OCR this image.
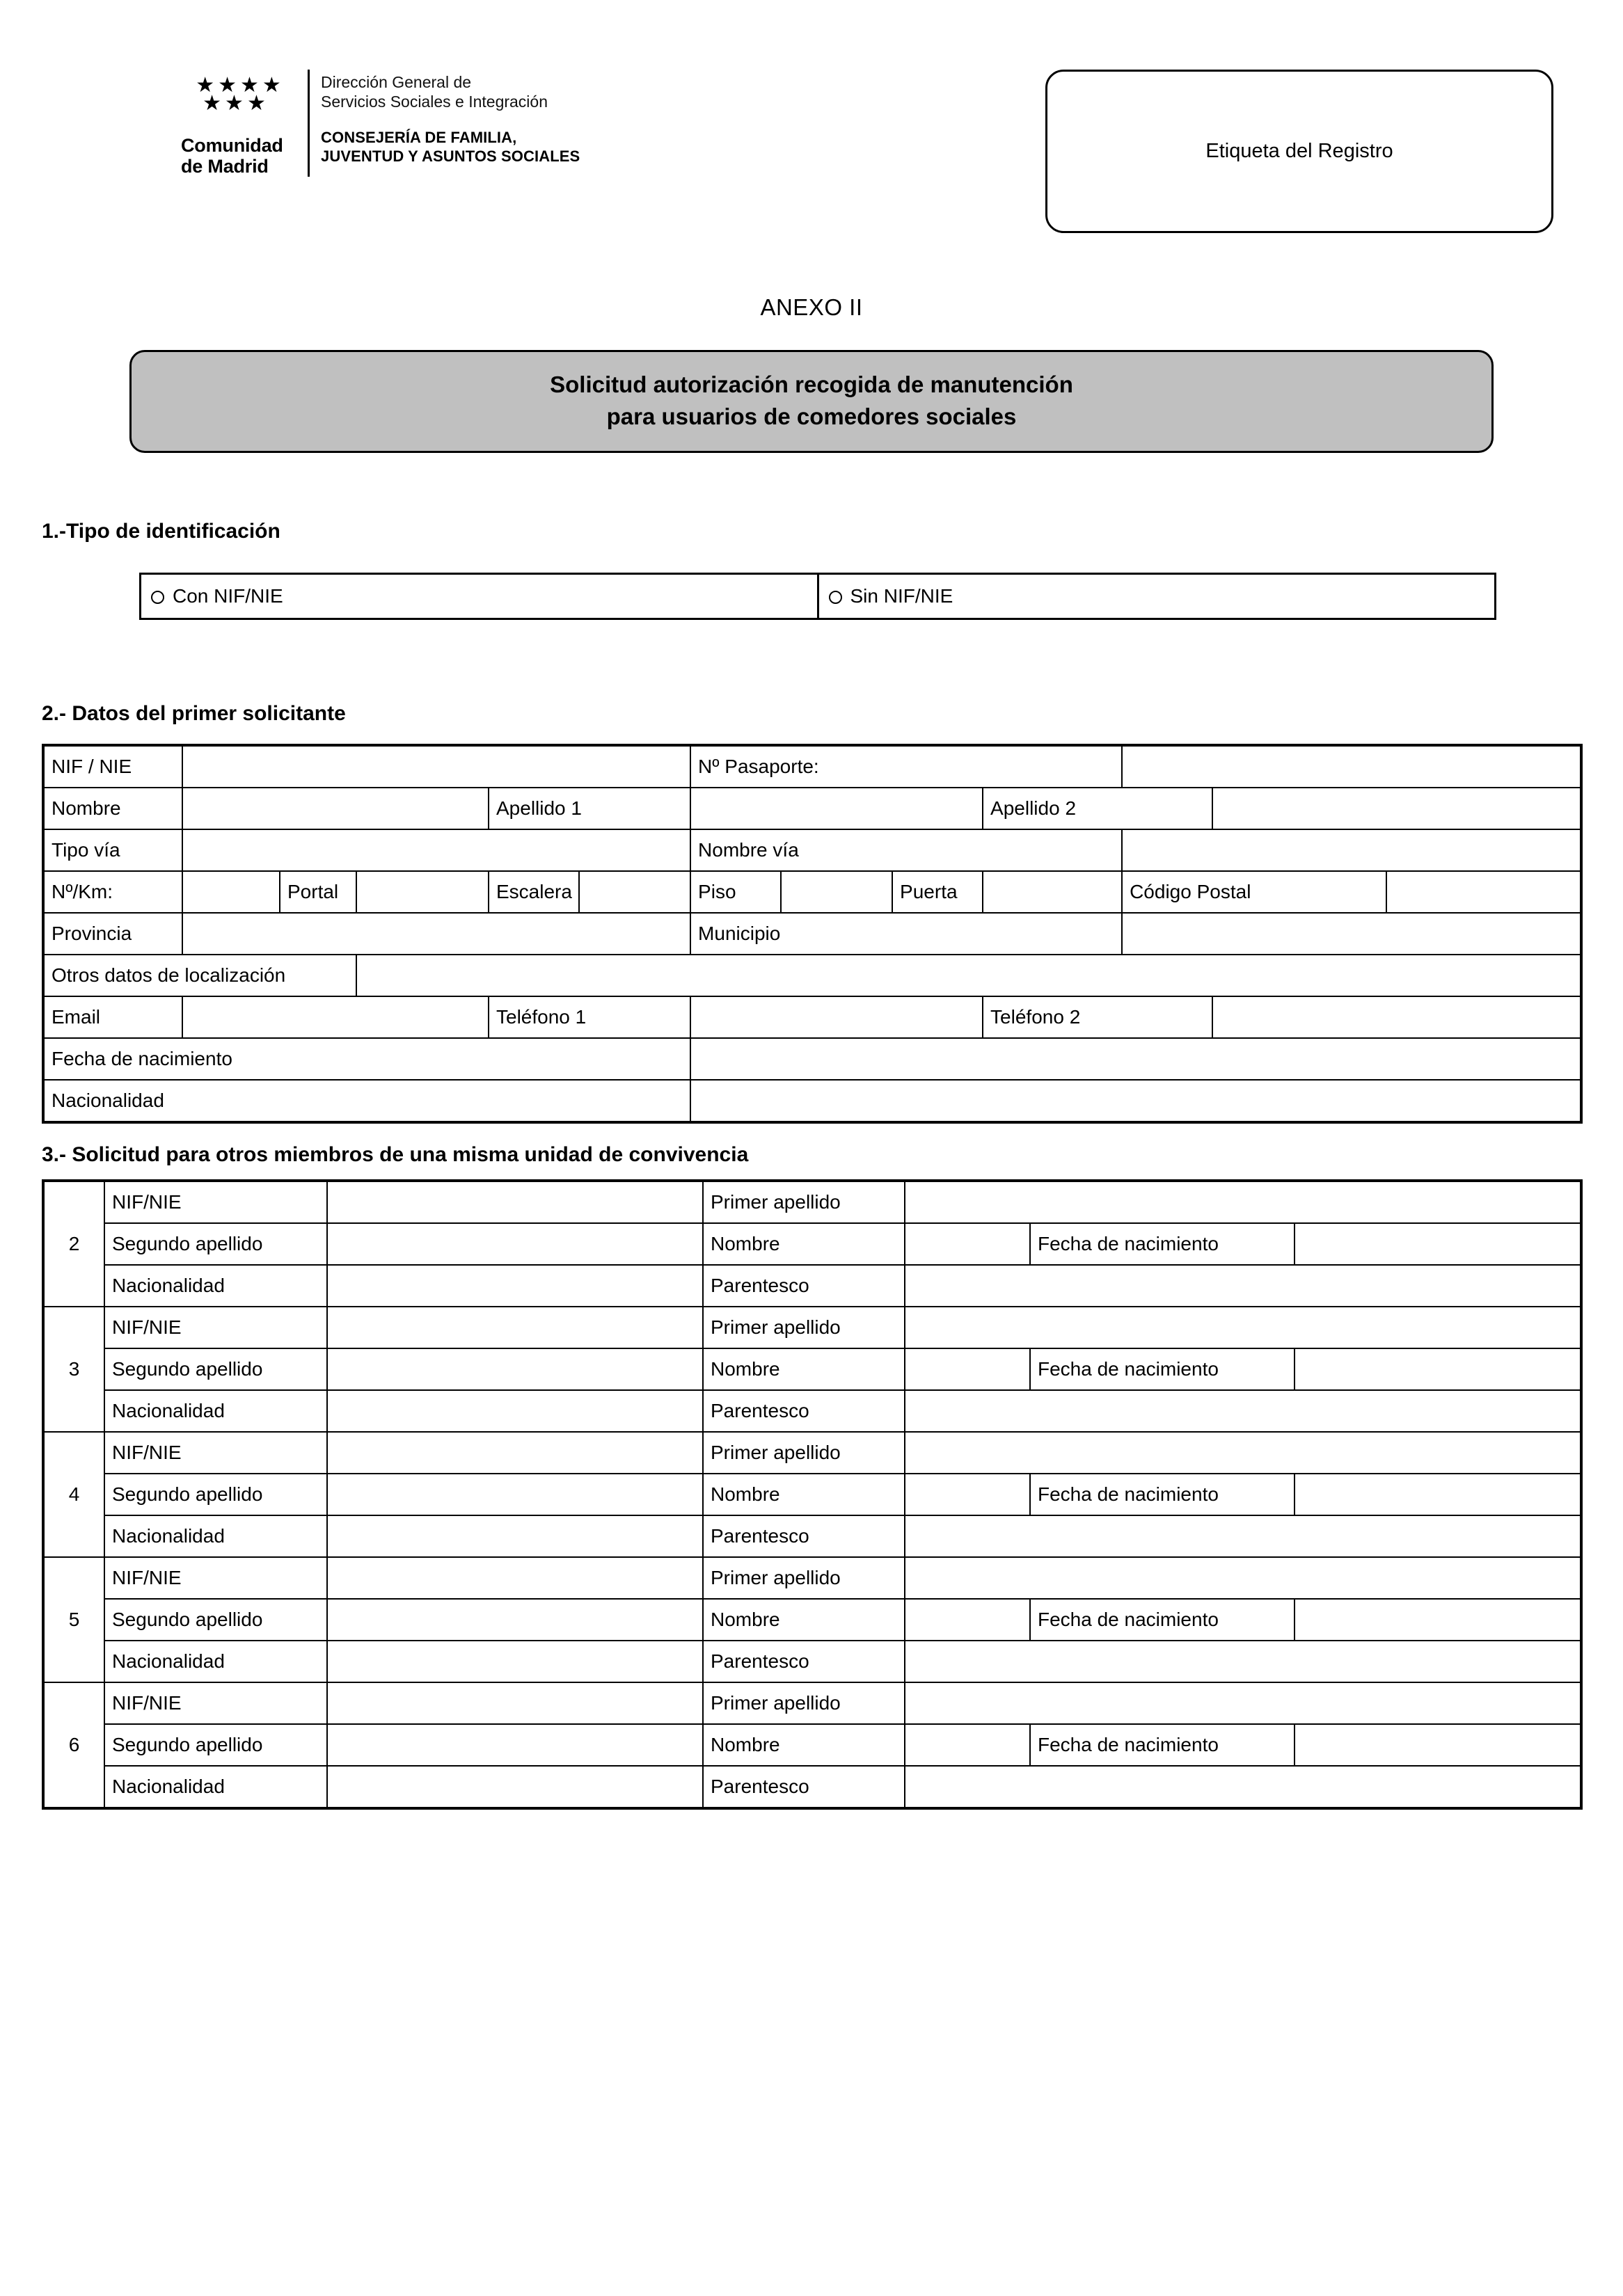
★★★★
★★★
Comunidad
de Madrid
Dirección General de
Servicios Sociales e Integración
CONSEJERÍA DE FAMILIA,
JUVENTUD Y ASUNTOS SOCIALES	Etiqueta del Registro
ANEXO II
Solicitud autorización recogida de manutención
para usuarios de comedores sociales
1.-Tipo de identificación
Con NIF/NIE	Sin NIF/NIE
2.- Datos del primer solicitante
NIF / NIE						Nº Pasaporte:						
Nombre				Apellido 1					Apellido 2			
Tipo vía						Nombre vía						
Nº/Km:		Portal		Escalera		Piso		Puerta		Código Postal		
Provincia						Municipio						
Otros datos de localización												
Email				Teléfono 1					Teléfono 2			
Fecha de nacimiento												
Nacionalidad												
3.- Solicitud para otros miembros de una misma unidad de convivencia
2	NIF/NIE		Primer apellido			
	Segundo apellido		Nombre		Fecha de nacimiento	
	Nacionalidad		Parentesco			
3	NIF/NIE		Primer apellido			
	Segundo apellido		Nombre		Fecha de nacimiento	
	Nacionalidad		Parentesco			
4	NIF/NIE		Primer apellido			
	Segundo apellido		Nombre		Fecha de nacimiento	
	Nacionalidad		Parentesco			
5	NIF/NIE		Primer apellido			
	Segundo apellido		Nombre		Fecha de nacimiento	
	Nacionalidad		Parentesco			
6	NIF/NIE		Primer apellido			
	Segundo apellido		Nombre		Fecha de nacimiento	
	Nacionalidad		Parentesco			
